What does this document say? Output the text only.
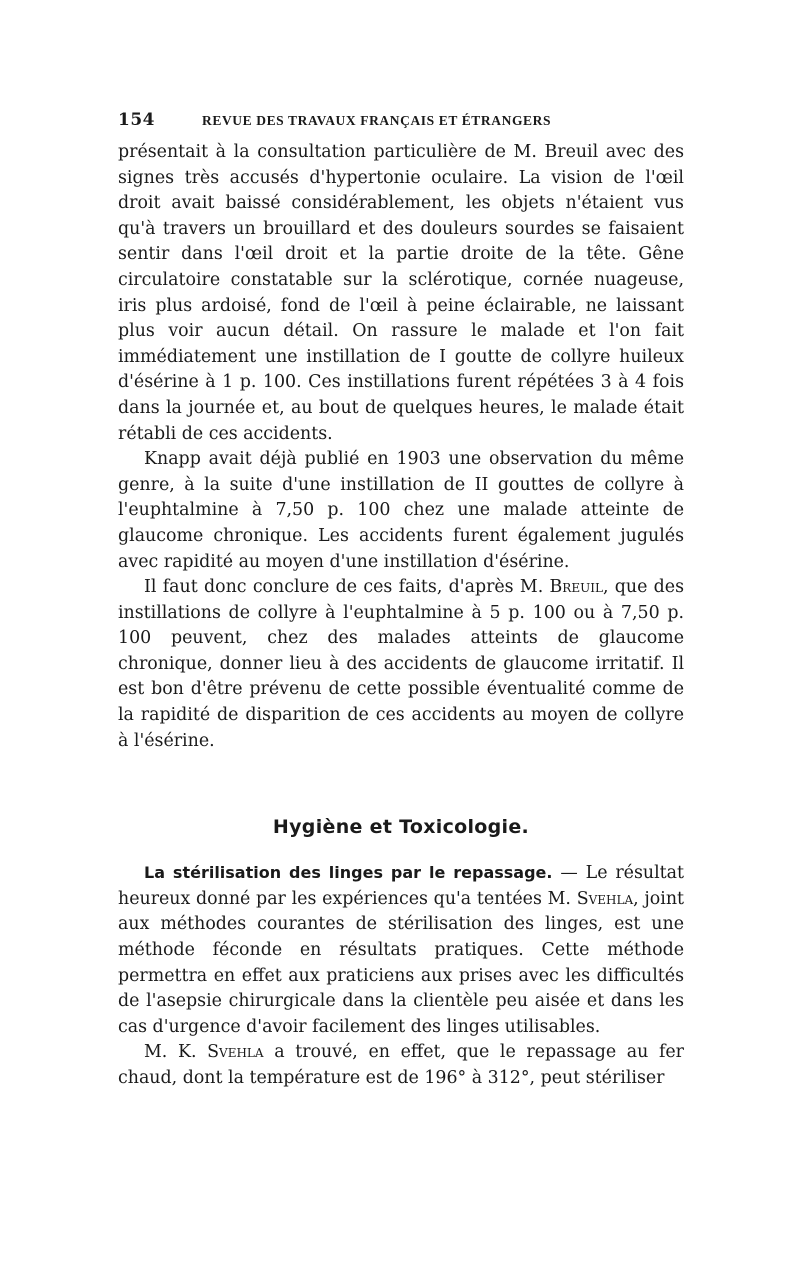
154	REVUE DES TRAVAUX FRANÇAIS ET ÉTRANGERS

présentait à la consultation particulière de M. Breuil avec des signes très accusés d'hypertonie oculaire. La vision de l'œil droit avait baissé considérablement, les objets n'étaient vus qu'à travers un brouillard et des douleurs sourdes se faisaient sentir dans l'œil droit et la partie droite de la tête. Gêne circulatoire constatable sur la sclérotique, cornée nuageuse, iris plus ardoisé, fond de l'œil à peine éclairable, ne laissant plus voir aucun détail. On rassure le malade et l'on fait immédiatement une instillation de I goutte de collyre huileux d'ésérine à 1 p. 100. Ces instillations furent répétées 3 à 4 fois dans la journée et, au bout de quelques heures, le malade était rétabli de ces accidents.

Knapp avait déjà publié en 1903 une observation du même genre, à la suite d'une instillation de II gouttes de collyre à l'euphtalmine à 7,50 p. 100 chez une malade atteinte de glaucome chronique. Les accidents furent également jugulés avec rapidité au moyen d'une instillation d'ésérine.

Il faut donc conclure de ces faits, d'après M. Breuil, que des instillations de collyre à l'euphtalmine à 5 p. 100 ou à 7,50 p. 100 peuvent, chez des malades atteints de glaucome chronique, donner lieu à des accidents de glaucome irritatif. Il est bon d'être prévenu de cette possible éventualité comme de la rapidité de disparition de ces accidents au moyen de collyre à l'ésérine.

Hygiène et Toxicologie.

La stérilisation des linges par le repassage. — Le résultat heureux donné par les expériences qu'a tentées M. Svehla, joint aux méthodes courantes de stérilisation des linges, est une méthode féconde en résultats pratiques. Cette méthode permettra en effet aux praticiens aux prises avec les difficultés de l'asepsie chirurgicale dans la clientèle peu aisée et dans les cas d'urgence d'avoir facilement des linges utilisables.

M. K. Svehla a trouvé, en effet, que le repassage au fer chaud, dont la température est de 196° à 312°, peut stériliser
